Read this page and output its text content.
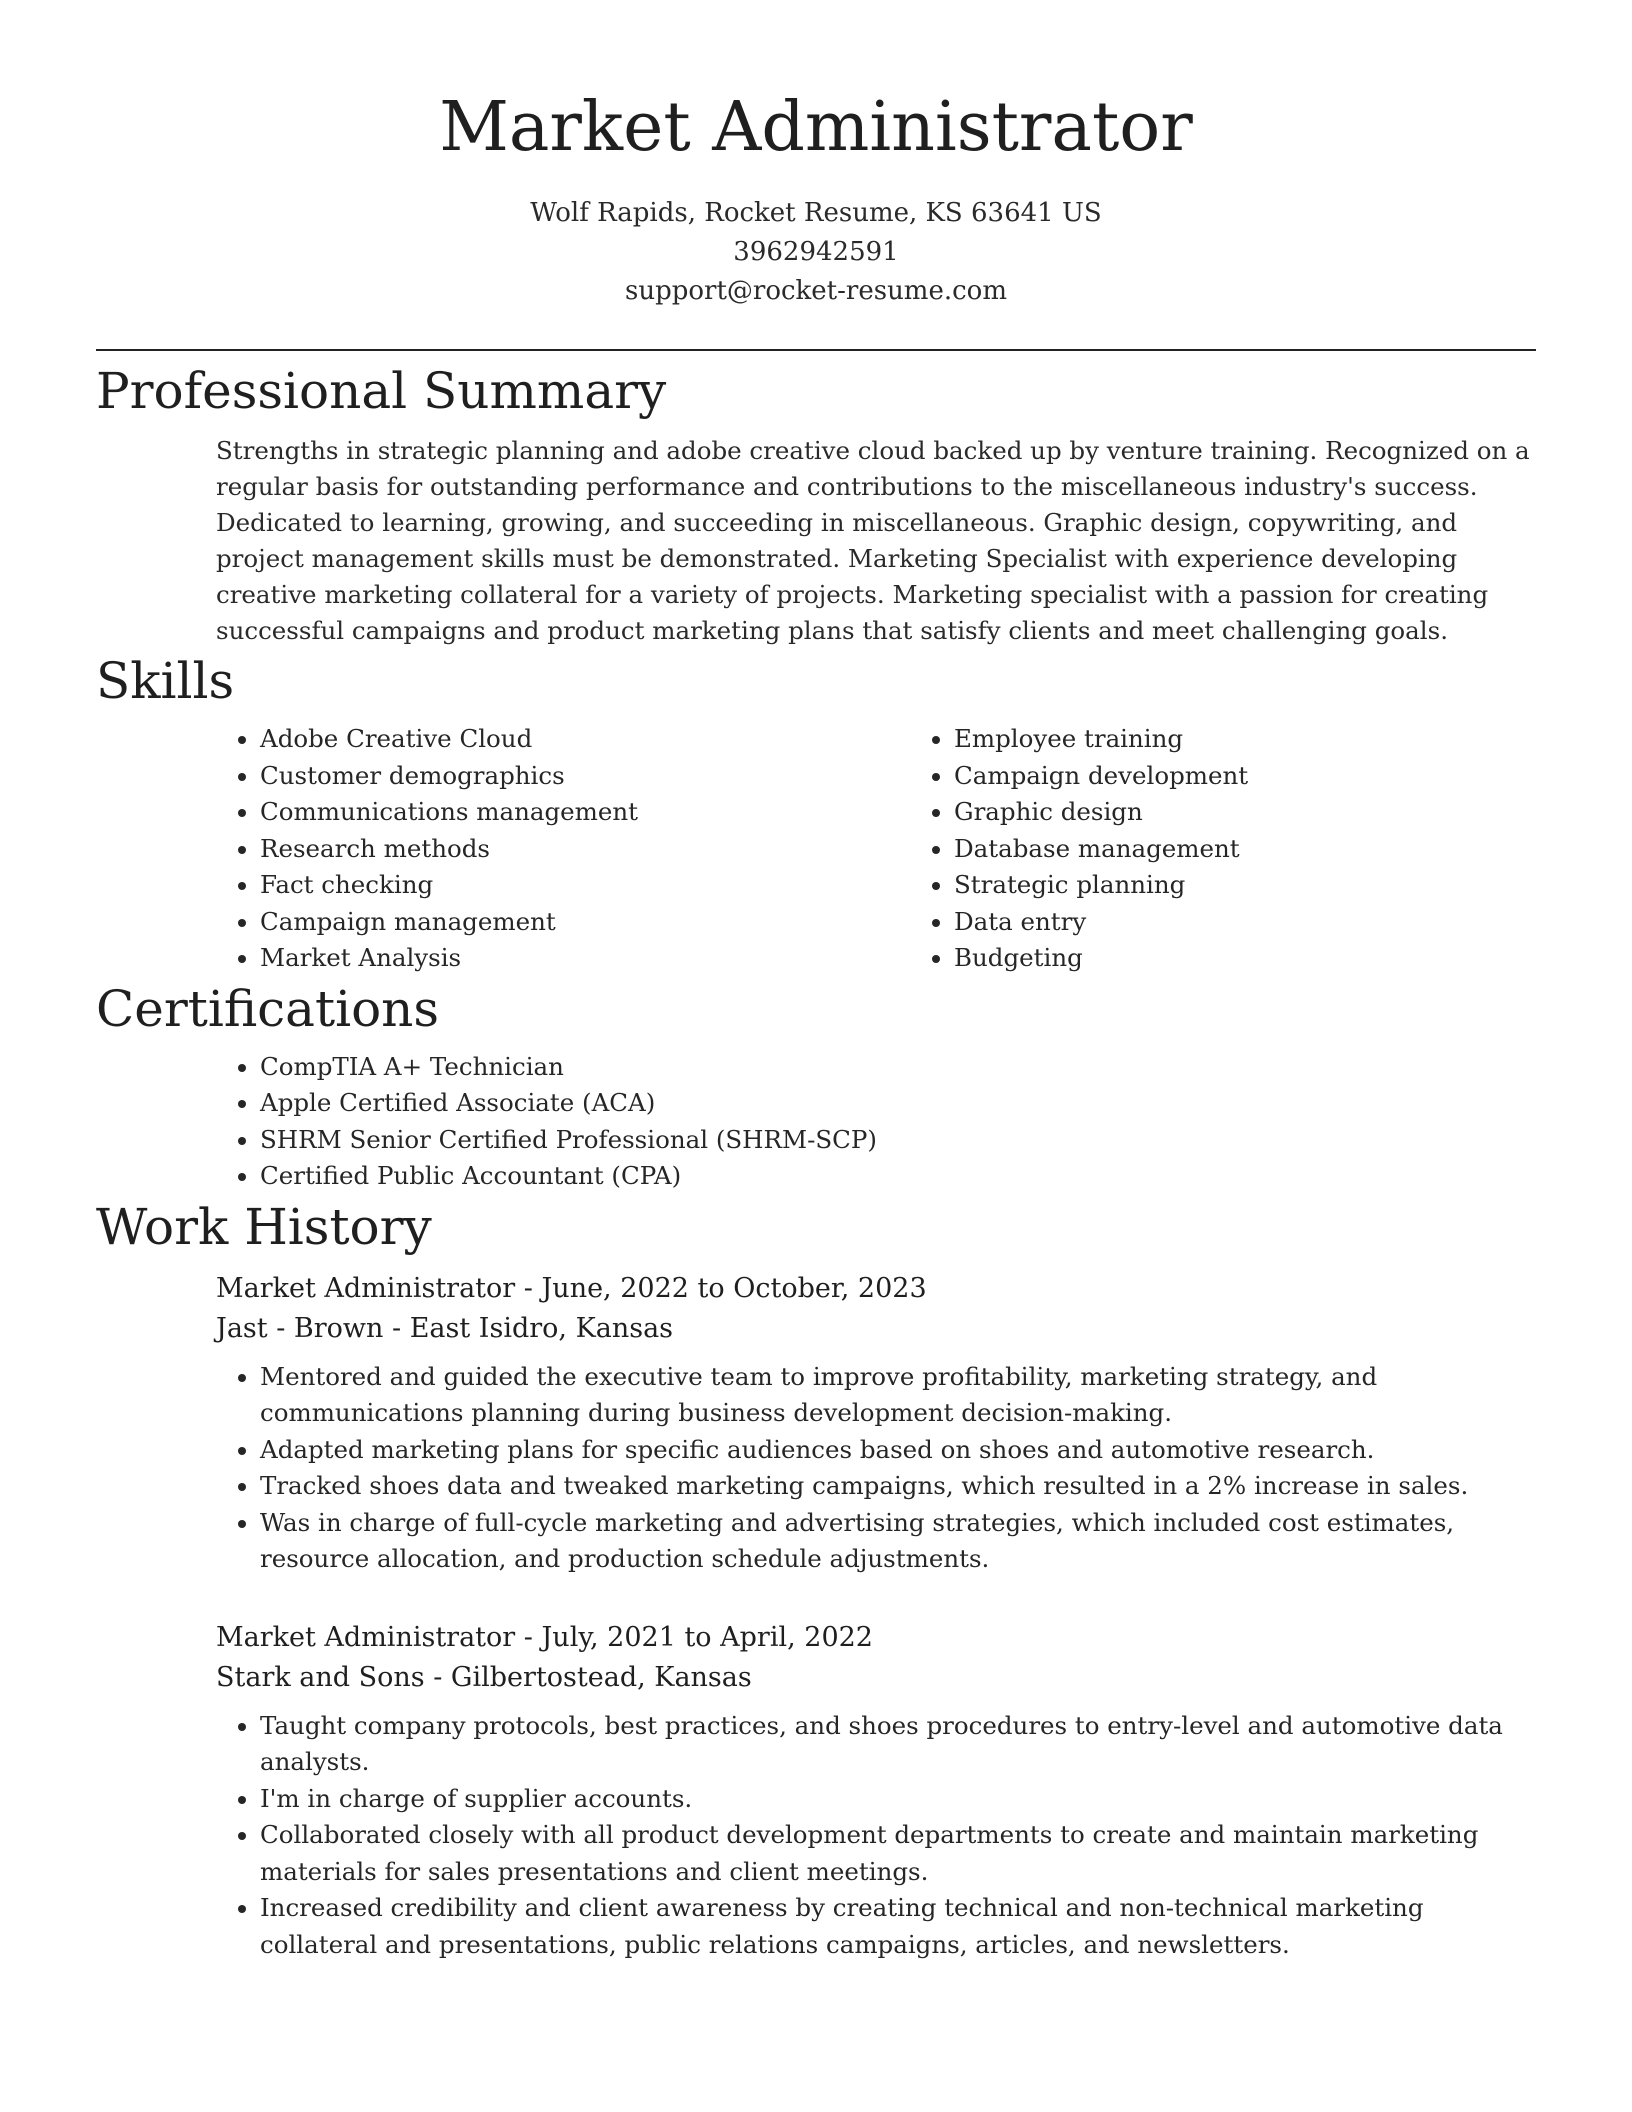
Market Administrator
Wolf Rapids, Rocket Resume, KS 63641 US
3962942591
support@rocket-resume.com
Professional Summary

Strengths in strategic planning and adobe creative cloud backed up by venture training. Recognized on a regular basis for outstanding performance and contributions to the miscellaneous industry's success. Dedicated to learning, growing, and succeeding in miscellaneous. Graphic design, copywriting, and project management skills must be demonstrated. Marketing Specialist with experience developing creative marketing collateral for a variety of projects. Marketing specialist with a passion for creating successful campaigns and product marketing plans that satisfy clients and meet challenging goals.

Skills
• Adobe Creative Cloud
• Customer demographics
• Communications management
• Research methods
• Fact checking
• Campaign management
• Market Analysis
• Employee training
• Campaign development
• Graphic design
• Database management
• Strategic planning
• Data entry
• Budgeting
Certifications
• CompTIA A+ Technician
• Apple Certified Associate (ACA)
• SHRM Senior Certified Professional (SHRM-SCP)
• Certified Public Accountant (CPA)
Work History
Market Administrator - June, 2022 to October, 2023
Jast - Brown - East Isidro, Kansas
• Mentored and guided the executive team to improve profitability, marketing strategy, and communications planning during business development decision-making.
• Adapted marketing plans for specific audiences based on shoes and automotive research.
• Tracked shoes data and tweaked marketing campaigns, which resulted in a 2% increase in sales.
• Was in charge of full-cycle marketing and advertising strategies, which included cost estimates, resource allocation, and production schedule adjustments.
Market Administrator - July, 2021 to April, 2022
Stark and Sons - Gilbertostead, Kansas
• Taught company protocols, best practices, and shoes procedures to entry-level and automotive data analysts.
• I'm in charge of supplier accounts.
• Collaborated closely with all product development departments to create and maintain marketing materials for sales presentations and client meetings.
• Increased credibility and client awareness by creating technical and non-technical marketing collateral and presentations, public relations campaigns, articles, and newsletters.
